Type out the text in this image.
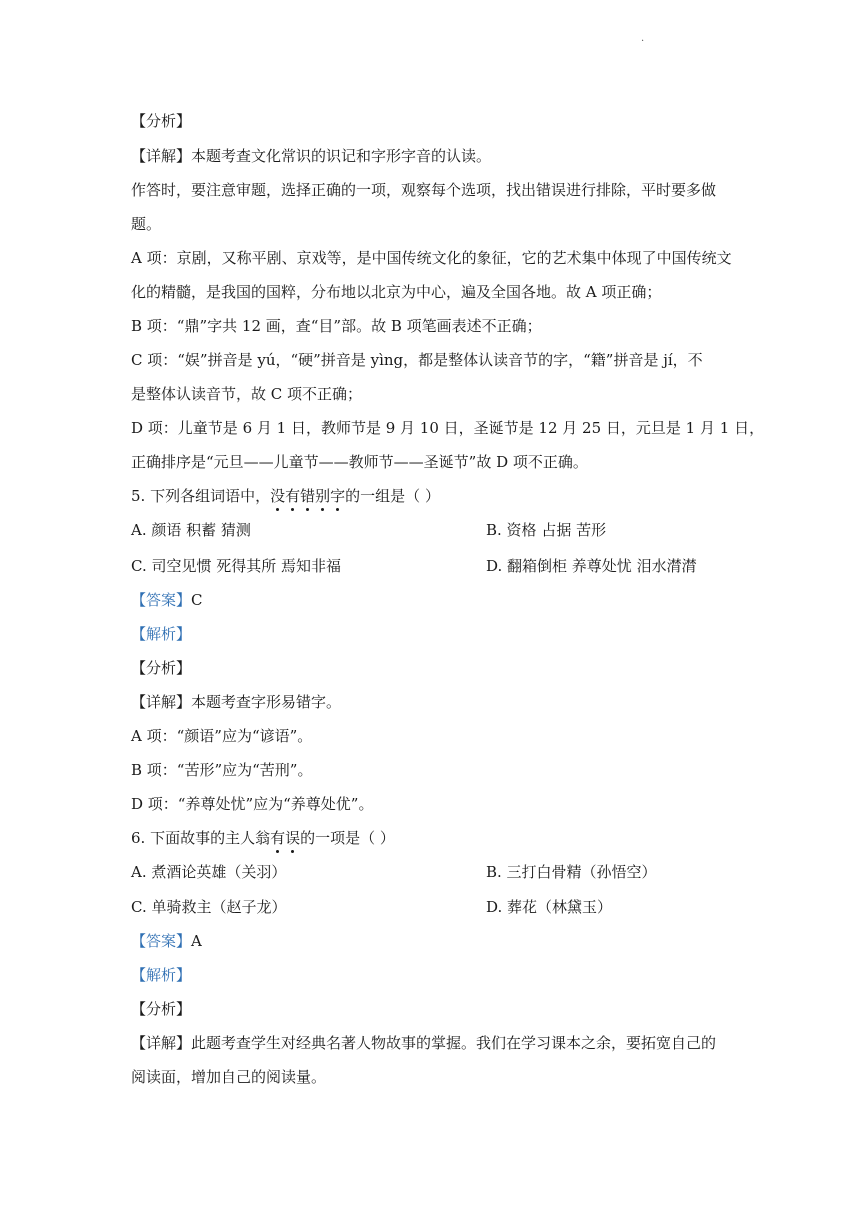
.
【分析】
【详解】本题考查文化常识的识记和字形字音的认读。
作答时，要注意审题，选择正确的一项，观察每个选项，找出错误进行排除，平时要多做
题。
A 项：京剧，又称平剧、京戏等，是中国传统文化的象征，它的艺术集中体现了中国传统文
化的精髓，是我国的国粹，分布地以北京为中心，遍及全国各地。故 A 项正确；
B 项：“鼎”字共 12 画，查“目”部。故 B 项笔画表述不正确；
C 项：“娱”拼音是 yú，“硬”拼音是 yìng，都是整体认读音节的字，“籍”拼音是 jí，不
是整体认读音节，故 C 项不正确；
D 项：儿童节是 6 月 1 日，教师节是 9 月 10 日，圣诞节是 12 月 25 日，元旦是 1 月 1 日，
正确排序是“元旦——儿童节——教师节——圣诞节”故 D 项不正确。
5. 下列各组词语中，没有错别字的一组是（ ）
A. 颜语 积蓄 猜测	B. 资格 占据 苦形
C. 司空见惯 死得其所 焉知非福	D. 翻箱倒柜 养尊处忧 泪水潸潸
【答案】C
【解析】
【分析】
【详解】本题考查字形易错字。
A 项：“颜语”应为“谚语”。
B 项：“苦形”应为“苦刑”。
D 项：“养尊处忧”应为“养尊处优”。
6. 下面故事的主人翁有误的一项是（ ）
A. 煮酒论英雄（关羽）	B. 三打白骨精（孙悟空）
C. 单骑救主（赵子龙）	D. 葬花（林黛玉）
【答案】A
【解析】
【分析】
【详解】此题考查学生对经典名著人物故事的掌握。我们在学习课本之余，要拓宽自己的
阅读面，增加自己的阅读量。
